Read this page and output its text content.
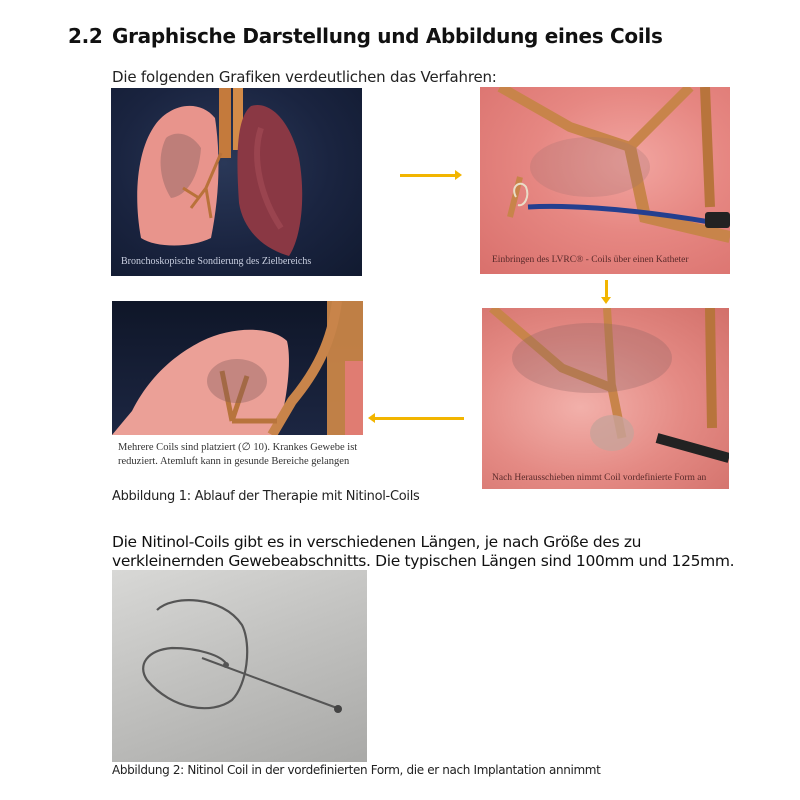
2.2 Graphische Darstellung und Abbildung eines Coils
Die folgenden Grafiken verdeutlichen das Verfahren:
Bronchoskopische Sondierung des Zielbereichs	Einbringen des LVRC® - Coils über einen Katheter
Mehrere Coils sind platziert (∅ 10). Krankes Gewebe ist reduziert. Atemluft kann in gesunde Bereiche gelangen
Nach Herausschieben nimmt Coil vordefinierte Form an
Abbildung 1: Ablauf der Therapie mit Nitinol-Coils
Die Nitinol-Coils gibt es in verschiedenen Längen, je nach Größe des zu verkleinernden Gewebeabschnitts. Die typischen Längen sind 100mm und 125mm.
Abbildung 2: Nitinol Coil in der vordefinierten Form, die er nach Implantation annimmt
